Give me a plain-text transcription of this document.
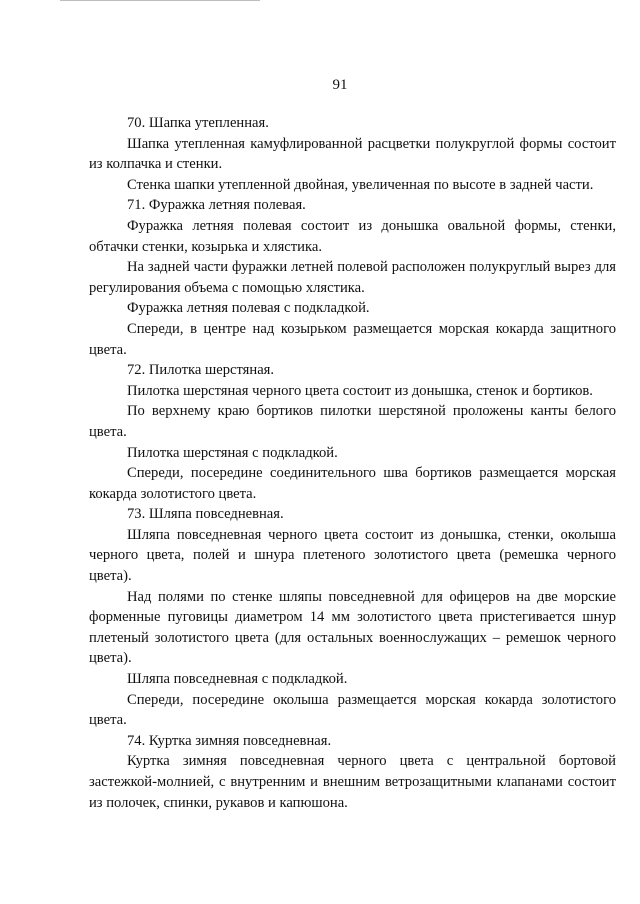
91

70. Шапка утепленная.

Шапка утепленная камуфлированной расцветки полукруглой формы состоит из колпачка и стенки.

Стенка шапки утепленной двойная, увеличенная по высоте в задней части.

71. Фуражка летняя полевая.

Фуражка летняя полевая состоит из донышка овальной формы, стенки, обтачки стенки, козырька и хлястика.

На задней части фуражки летней полевой расположен полукруглый вырез для регулирования объема с помощью хлястика.

Фуражка летняя полевая с подкладкой.

Спереди, в центре над козырьком размещается морская кокарда защитного цвета.

72. Пилотка шерстяная.

Пилотка шерстяная черного цвета состоит из донышка, стенок и бортиков.

По верхнему краю бортиков пилотки шерстяной проложены канты белого цвета.

Пилотка шерстяная с подкладкой.

Спереди, посередине соединительного шва бортиков размещается морская кокарда золотистого цвета.

73. Шляпа повседневная.

Шляпа повседневная черного цвета состоит из донышка, стенки, околыша черного цвета, полей и шнура плетеного золотистого цвета (ремешка черного цвета).

Над полями по стенке шляпы повседневной для офицеров на две морские форменные пуговицы диаметром 14 мм золотистого цвета пристегивается шнур плетеный золотистого цвета (для остальных военнослужащих – ремешок черного цвета).

Шляпа повседневная с подкладкой.

Спереди, посередине околыша размещается морская кокарда золотистого цвета.

74. Куртка зимняя повседневная.

Куртка зимняя повседневная черного цвета с центральной бортовой застежкой-молнией, с внутренним и внешним ветрозащитными клапанами состоит из полочек, спинки, рукавов и капюшона.
